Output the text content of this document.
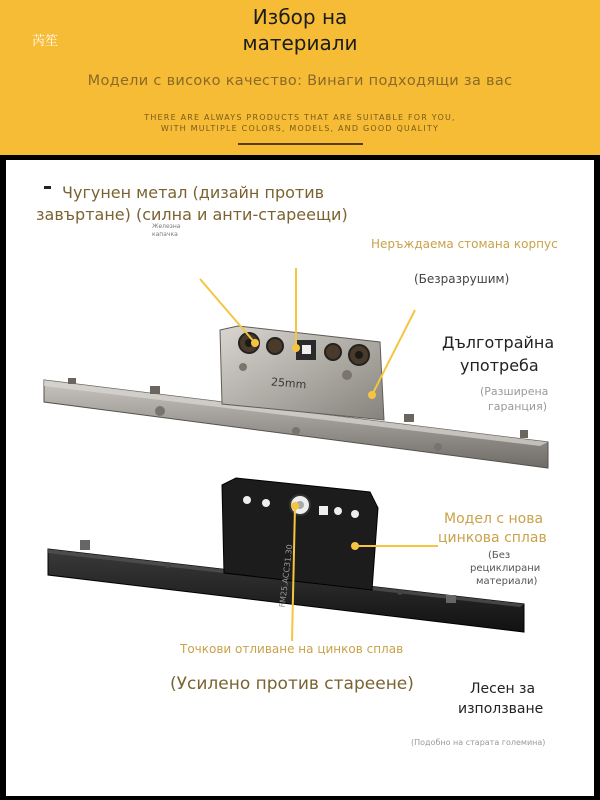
芮笙
Избор на
материали
Модели с високо качество: Винаги подходящи за вас
THERE ARE ALWAYS PRODUCTS THAT ARE SUITABLE FOR YOU,
WITH MULTIPLE COLORS, MODELS, AND GOOD QUALITY
25mm
FM25.ACC31.30
Чугунен метал (дизайн против
завъртане) (силна и анти-стареещи)
Железна
капачка
Неръждаема стомана корпус
(Безразрушим)
Дълготрайна
употреба
(Разширена
гаранция)
Модел с нова
цинкова сплав
(Без
рециклирани
материали)
Точкови отливане на цинков сплав
(Усилено против стареене)	Лесен за
използване
(Подобно на старата големина)
